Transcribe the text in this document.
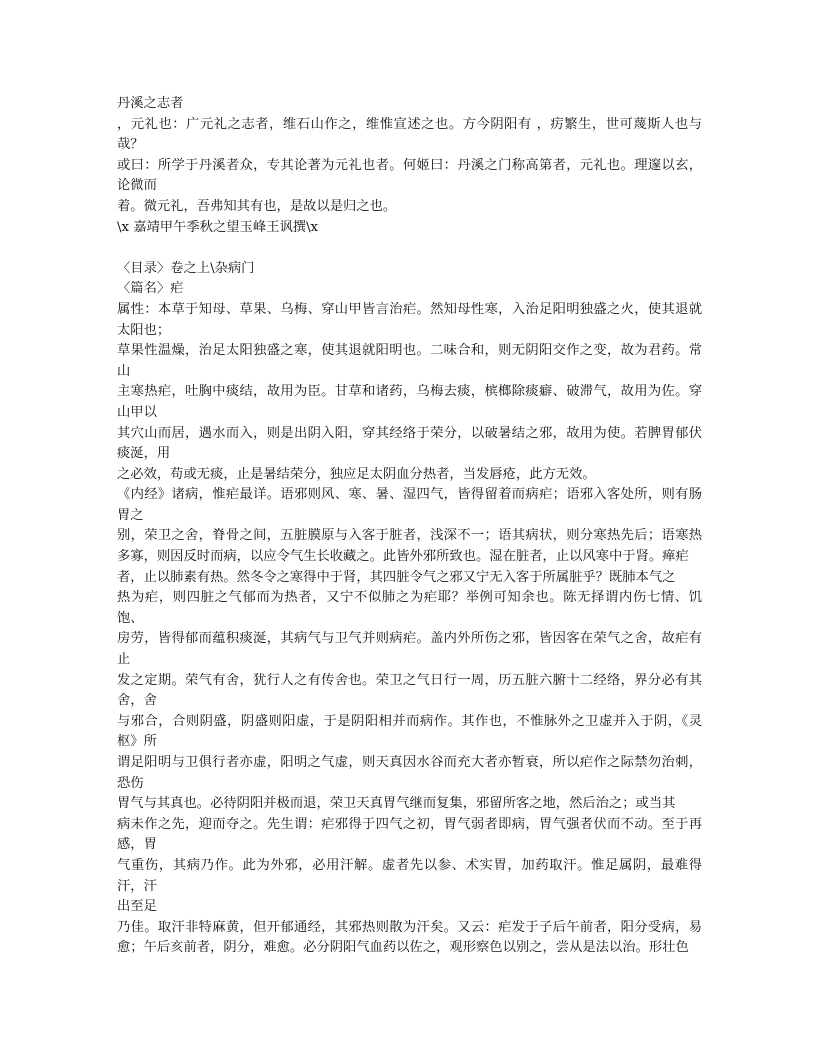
丹溪之志者
，元礼也：广元礼之志者，维石山作之，维惟宣述之也。方今阴阳有 ，疠繁生，世可蔑斯人也与哉？
或曰：所学于丹溪者众，专其论著为元礼也者。何姬曰：丹溪之门称高第者，元礼也。理邃以玄，论微而
着。微元礼，吾弗知其有也，是故以是归之也。
\x 嘉靖甲午季秋之望玉峰王讽撰\x
〈目录〉卷之上\杂病门
〈篇名〉疟
属性：本草于知母、草果、乌梅、穿山甲皆言治疟。然知母性寒，入治足阳明独盛之火，使其退就太阳也；
草果性温燥，治足太阳独盛之寒，使其退就阳明也。二味合和，则无阴阳交作之变，故为君药。常山
主寒热疟，吐胸中痰结，故用为臣。甘草和诸药，乌梅去痰，槟榔除痰癖、破滞气，故用为佐。穿山甲以
其穴山而居，遇水而入，则是出阴入阳，穿其经络于荣分，以破暑结之邪，故用为使。若脾胃郁伏痰涎，用
之必效，苟或无痰，止是暑结荣分，独应足太阴血分热者，当发唇疮，此方无效。
《内经》诸病，惟疟最详。语邪则风、寒、暑、湿四气，皆得留着而病疟；语邪入客处所，则有肠胃之
别，荣卫之舍，脊骨之间，五脏膜原与入客于脏者，浅深不一；语其病状，则分寒热先后；语寒热多寡，则因反时而病，以应令气生长收藏之。此皆外邪所致也。湿在脏者，止以风寒中于肾。瘅疟
者，止以肺素有热。然冬令之寒得中于肾，其四脏令气之邪又宁无入客于所属脏乎？既肺本气之
热为疟，则四脏之气郁而为热者，又宁不似肺之为疟耶？举例可知余也。陈无择谓内伤七情、饥饱、
房劳，皆得郁而蕴积痰涎，其病气与卫气并则病疟。盖内外所伤之邪，皆因客在荣气之舍，故疟有止
发之定期。荣气有舍，犹行人之有传舍也。荣卫之气日行一周，历五脏六腑十二经络，界分必有其舍，舍
与邪合，合则阴盛，阴盛则阳虚，于是阴阳相并而病作。其作也，不惟脉外之卫虚并入于阴，《灵枢》所
谓足阳明与卫俱行者亦虚，阳明之气虚，则天真因水谷而充大者亦暂衰，所以疟作之际禁勿治刺，恐伤
胃气与其真也。必待阴阳并极而退，荣卫天真胃气继而复集，邪留所客之地，然后治之；或当其
病未作之先，迎而夺之。先生谓：疟邪得于四气之初，胃气弱者即病，胃气强者伏而不动。至于再感，胃
气重伤，其病乃作。此为外邪，必用汗解。虚者先以参、术实胃，加药取汗。惟足属阴，最难得汗，汗
出至足
乃佳。取汗非特麻黄，但开郁通经，其邪热则散为汗矣。又云：疟发于子后午前者，阳分受病，易愈；午后亥前者，阴分，难愈。必分阴阳气血药以佐之，观形察色以别之，尝从是法以治。形壮色
